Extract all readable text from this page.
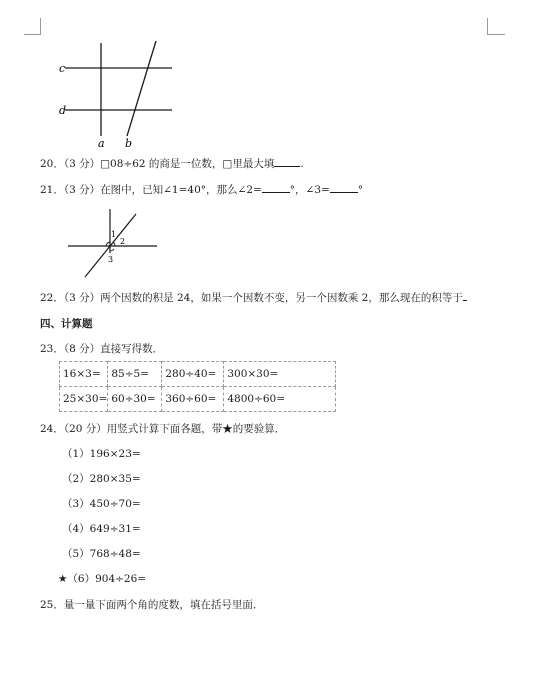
c
d
a b
20．（3 分）□08÷62 的商是一位数，□里最大填 .
21．（3 分）在图中，已知∠1=40°，那么∠2=	°，∠3=	°
1
2
3
22．（3 分）两个因数的积是 24，如果一个因数不变，另一个因数乘 2，那么现在的积等于
四、计算题
23．（8 分）直接写得数．
16×3=	85÷5=	280÷40=	300×30=
25×30=	60÷30=	360÷60=	4800÷60=
24．（20 分）用竖式计算下面各题，带★的要验算．
（1）196×23=
（2）280×35=
（3）450÷70=
（4）649÷31=
（5）768÷48=
★（6）904÷26=
25．量一量下面两个角的度数，填在括号里面．
